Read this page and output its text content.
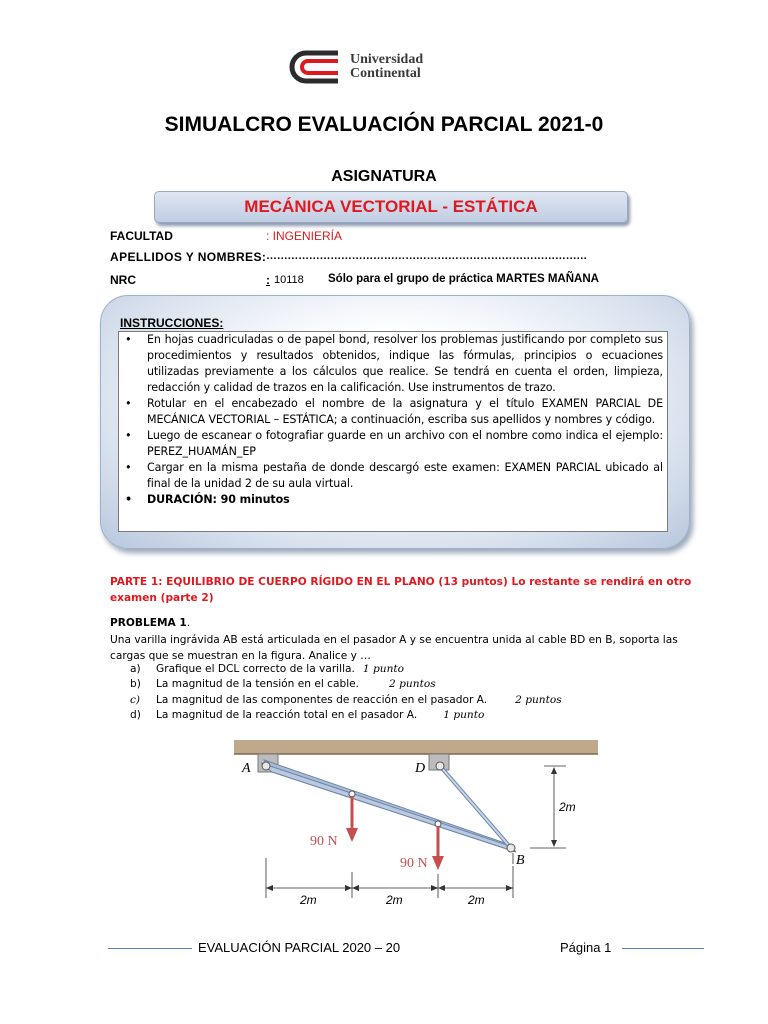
Universidad
Continental
SIMUALCRO EVALUACIÓN PARCIAL 2021-0
ASIGNATURA
MECÁNICA VECTORIAL - ESTÁTICA
FACULTAD	: INGENIERÍA
APELLIDOS Y NOMBRES: ………………………………………………………………………………
NRC	: 10118 Sólo para el grupo de práctica MARTES MAÑANA
INSTRUCCIONES:
• En hojas cuadriculadas o de papel bond, resolver los problemas justificando por completo sus procedimientos y resultados obtenidos, indique las fórmulas, principios o ecuaciones utilizadas previamente a los cálculos que realice. Se tendrá en cuenta el orden, limpieza, redacción y calidad de trazos en la calificación. Use instrumentos de trazo.
• Rotular en el encabezado el nombre de la asignatura y el título EXAMEN PARCIAL DE MECÁNICA VECTORIAL – ESTÁTICA; a continuación, escriba sus apellidos y nombres y código.
• Luego de escanear o fotografiar guarde en un archivo con el nombre como indica el ejemplo: PEREZ_HUAMÁN_EP
• Cargar en la misma pestaña de donde descargó este examen: EXAMEN PARCIAL ubicado al final de la unidad 2 de su aula virtual.
• DURACIÓN: 90 minutos
PARTE 1: EQUILIBRIO DE CUERPO RÍGIDO EN EL PLANO (13 puntos) Lo restante se rendirá en otro examen (parte 2)
PROBLEMA 1.
Una varilla ingrávida AB está articulada en el pasador A y se encuentra unida al cable BD en B, soporta las cargas que se muestran en la figura. Analice y …
a) Grafique el DCL correcto de la varilla. 1 punto
b) La magnitud de la tensión en el cable.	2 puntos
c) La magnitud de las componentes de reacción en el pasador A.	2 puntos
d) La magnitud de la reacción total en el pasador A. 1 punto
A	D
B
90 N
90 N
2m
2m	2m	2m
EVALUACIÓN PARCIAL 2020 – 20	Página 1
